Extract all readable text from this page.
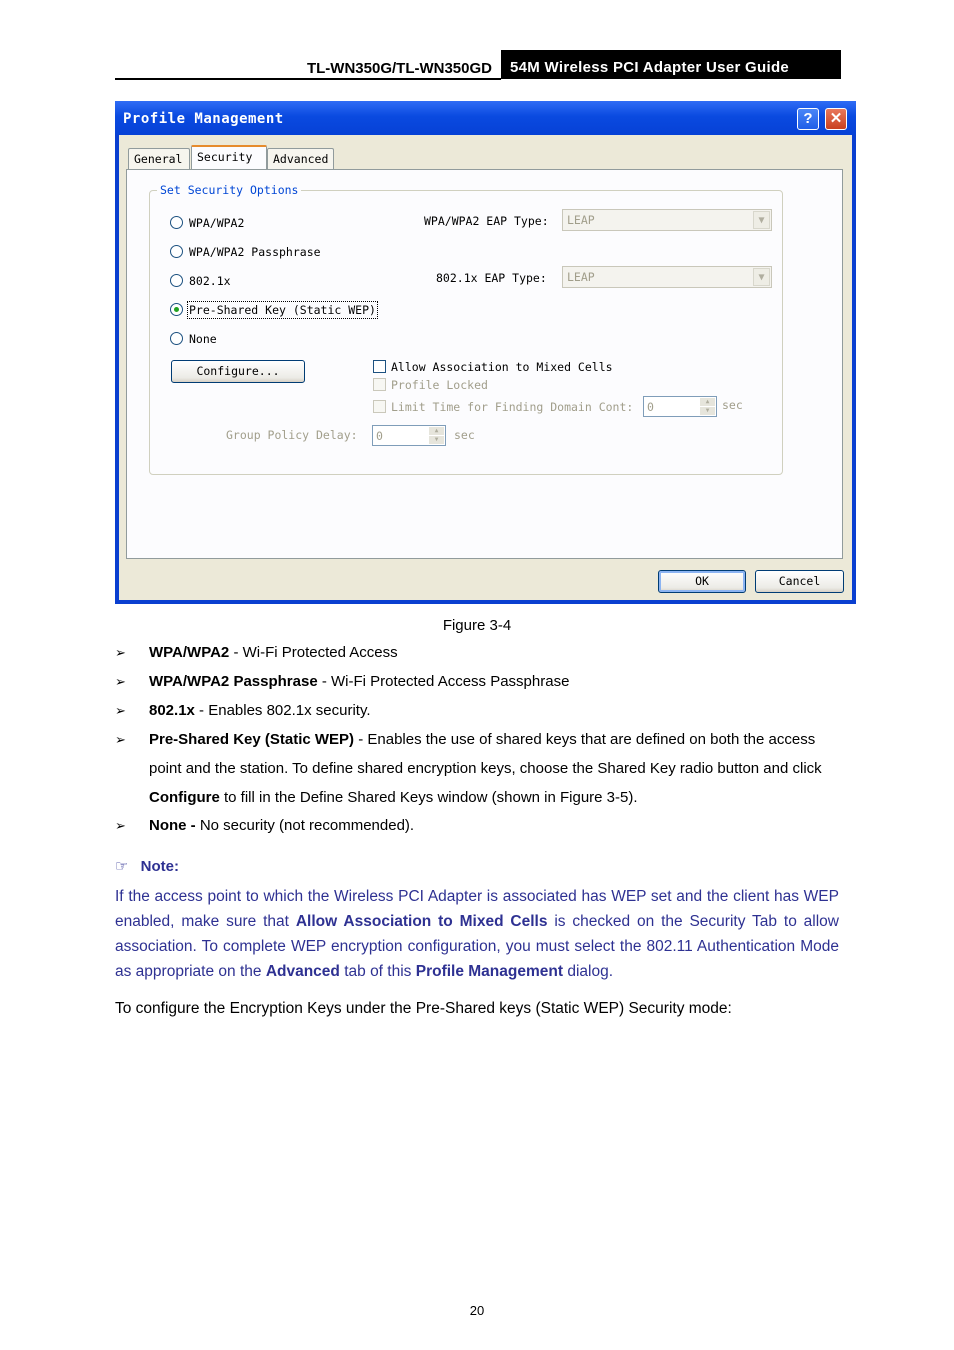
TL-WN350G/TL-WN350GD	54M Wireless PCI Adapter User Guide
Profile Management	?	✕
General	Security	Advanced
Set Security Options
WPA/WPA2
WPA/WPA2 Passphrase
802.1x
Pre-Shared Key (Static WEP)
None
WPA/WPA2 EAP Type: LEAP	▼
802.1x EAP Type: LEAP	▼
Configure...	Allow Association to Mixed Cells
Profile Locked
Limit Time for Finding Domain Cont: 0	▲
▼	sec
Group Policy Delay: 0	▲
▼	sec
OK	Cancel
Figure 3-4
➢ WPA/WPA2 - Wi-Fi Protected Access
➢ WPA/WPA2 Passphrase - Wi-Fi Protected Access Passphrase
➢ 802.1x - Enables 802.1x security.
➢ Pre-Shared Key (Static WEP) - Enables the use of shared keys that are defined on both the access point and the station. To define shared encryption keys, choose the Shared Key radio button and click Configure to fill in the Define Shared Keys window (shown in Figure 3-5).
➢ None - No security (not recommended).
☞ Note:
If the access point to which the Wireless PCI Adapter is associated has WEP set and the client has WEP enabled, make sure that Allow Association to Mixed Cells is checked on the Security Tab to allow association. To complete WEP encryption configuration, you must select the 802.11 Authentication Mode as appropriate on the Advanced tab of this Profile Management dialog.
To configure the Encryption Keys under the Pre-Shared keys (Static WEP) Security mode:
20
